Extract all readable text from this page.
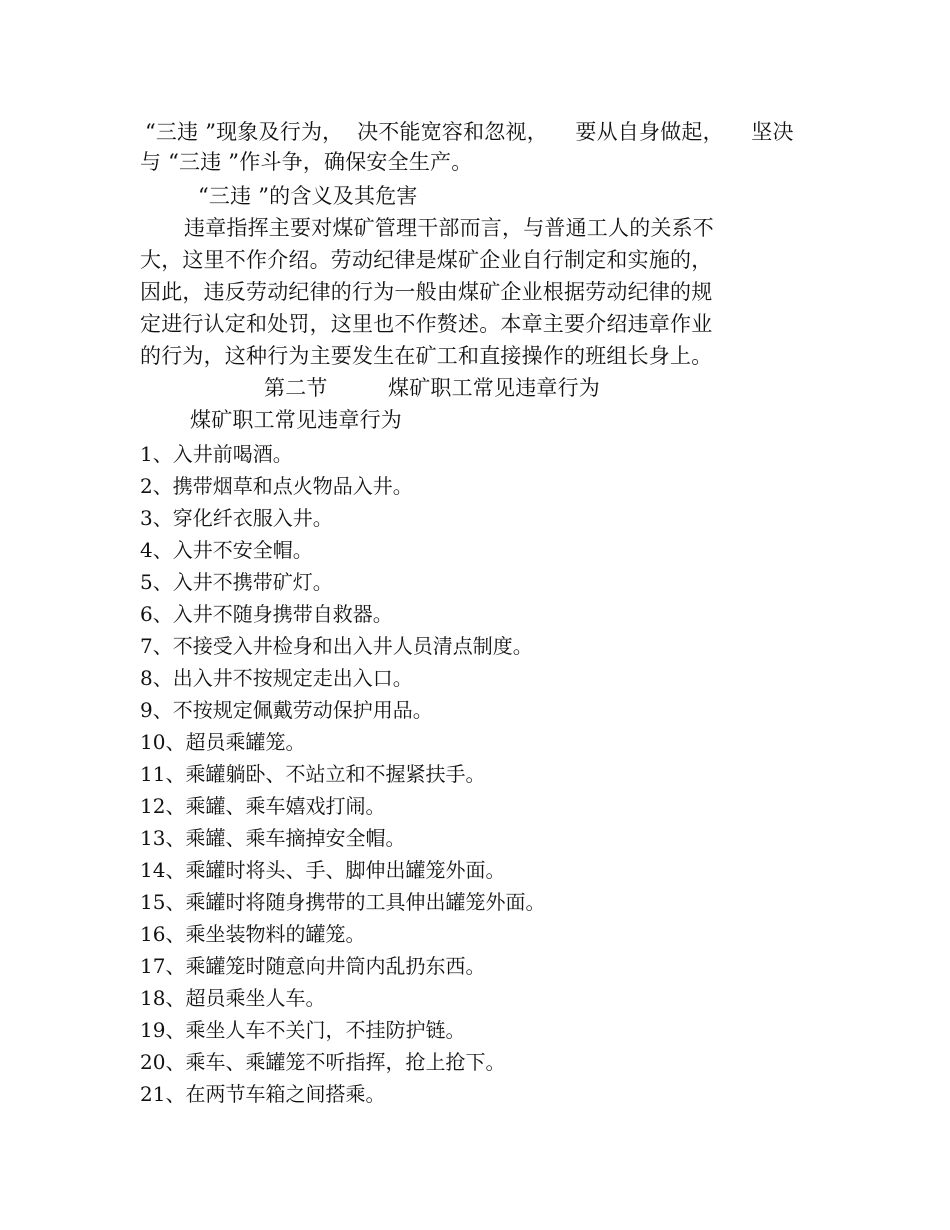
“三违 ”现象及行为，  决不能宽容和忽视，    要从自身做起，    坚决
与 “三违 ”作斗争，确保安全生产。
“三违 ”的含义及其危害
违章指挥主要对煤矿管理干部而言，与普通工人的关系不
大，这里不作介绍。劳动纪律是煤矿企业自行制定和实施的，
因此，违反劳动纪律的行为一般由煤矿企业根据劳动纪律的规
定进行认定和处罚，这里也不作赘述。本章主要介绍违章作业
的行为，这种行为主要发生在矿工和直接操作的班组长身上。
第二节	煤矿职工常见违章行为
煤矿职工常见违章行为
1、入井前喝酒。
2、携带烟草和点火物品入井。
3、穿化纤衣服入井。
4、入井不安全帽。
5、入井不携带矿灯。
6、入井不随身携带自救器。
7、不接受入井检身和出入井人员清点制度。
8、出入井不按规定走出入口。
9、不按规定佩戴劳动保护用品。
10、超员乘罐笼。
11、乘罐躺卧、不站立和不握紧扶手。
12、乘罐、乘车嬉戏打闹。
13、乘罐、乘车摘掉安全帽。
14、乘罐时将头、手、脚伸出罐笼外面。
15、乘罐时将随身携带的工具伸出罐笼外面。
16、乘坐装物料的罐笼。
17、乘罐笼时随意向井筒内乱扔东西。
18、超员乘坐人车。
19、乘坐人车不关门，不挂防护链。
20、乘车、乘罐笼不听指挥，抢上抢下。
21、在两节车箱之间搭乘。
